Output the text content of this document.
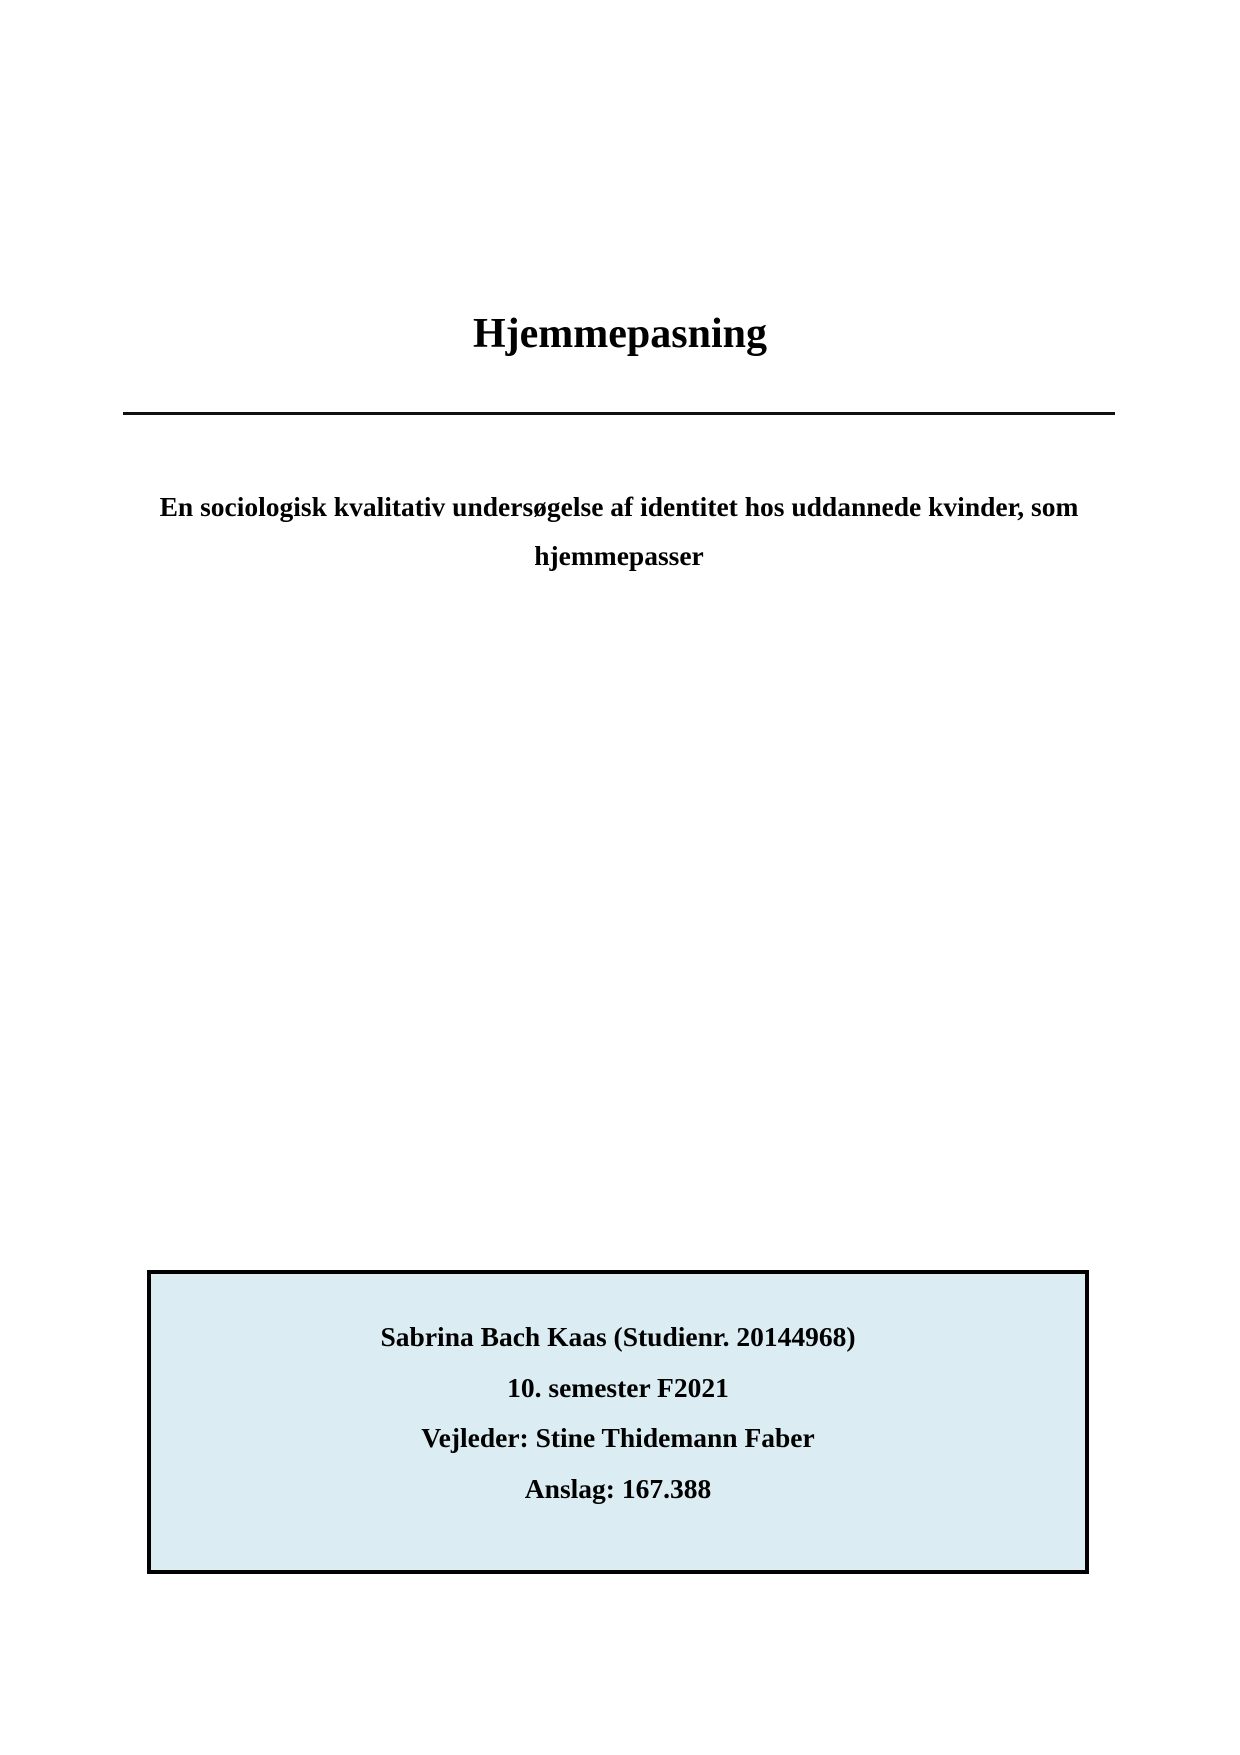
Hjemmepasning

En sociologisk kvalitativ undersøgelse af identitet hos uddannede kvinder, som hjemmepasser

Sabrina Bach Kaas (Studienr. 20144968)
10. semester F2021
Vejleder: Stine Thidemann Faber
Anslag: 167.388
